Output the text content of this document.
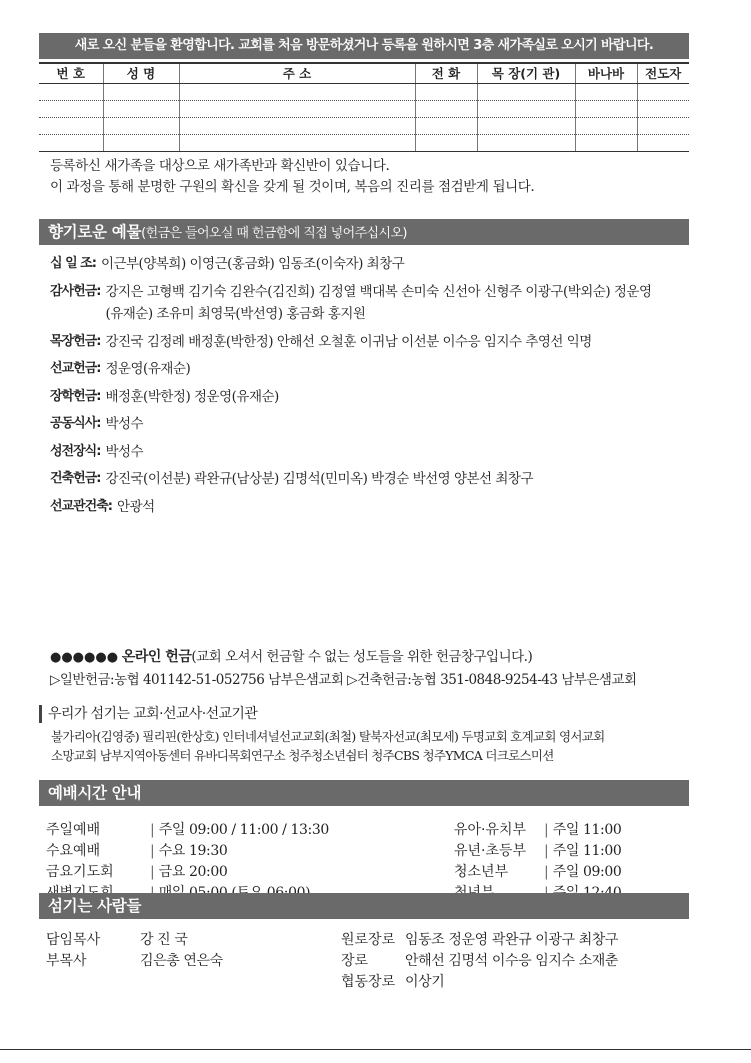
새로 오신 분들을 환영합니다. 교회를 처음 방문하셨거나 등록을 원하시면 3층 새가족실로 오시기 바랍니다.
번 호	성 명	주 소	전 화	목 장(기 관)	바나바	전도자

등록하신 새가족을 대상으로 새가족반과 확신반이 있습니다.
이 과정을 통해 분명한 구원의 확신을 갖게 될 것이며, 복음의 진리를 점검받게 됩니다.
향기로운 예물(헌금은 들어오실 때 헌금함에 직접 넣어주십시오)
십 일 조: 이근부(양복희) 이영근(홍금화) 임동조(이숙자) 최창구
감사헌금: 강지은 고형백 김기숙 김완수(김진희) 김정열 백대복 손미숙 신선아 신형주 이광구(박외순) 정운영
(유재순) 조유미 최영묵(박선영) 홍금화 홍지원
목장헌금: 강진국 김정례 배정훈(박한정) 안해선 오철훈 이귀남 이선분 이수응 임지수 추영선 익명
선교헌금: 정운영(유재순)
장학헌금: 배정훈(박한정) 정운영(유재순)
공동식사: 박성수
성전장식: 박성수
건축헌금: 강진국(이선분) 곽완규(남상분) 김명석(민미옥) 박경순 박선영 양본선 최창구
선교관건축: 안광석
●●●●●● 온라인 헌금(교회 오셔서 헌금할 수 없는 성도들을 위한 헌금창구입니다.)
▷일반헌금:농협 401142-51-052756 남부은샘교회 ▷건축헌금:농협 351-0848-9254-43 남부은샘교회
우리가 섬기는 교회·선교사·선교기관
불가리아(김영중) 필리핀(한상호) 인터네셔널선교교회(최철) 탈북자선교(최모세) 두명교회 호계교회 영서교회
소망교회 남부지역아동센터 유바디목회연구소 청주청소년쉼터 청주CBS 청주YMCA 더크로스미션
예배시간 안내
주일예배	| 주일 09:00 / 11:00 / 13:30
수요예배	| 수요 19:30
금요기도회	| 금요 20:00
유아·유치부	| 주일 11:00
유년·초등부	| 주일 11:00
청소년부	| 주일 09:00
섬기는 사람들
담임목사	강 진 국
부목사	김은총 연은숙
원로장로 임동조 정운영 곽완규 이광구 최창구
장로	안해선 김명석 이수응 임지수 소재춘
협동장로 이상기
